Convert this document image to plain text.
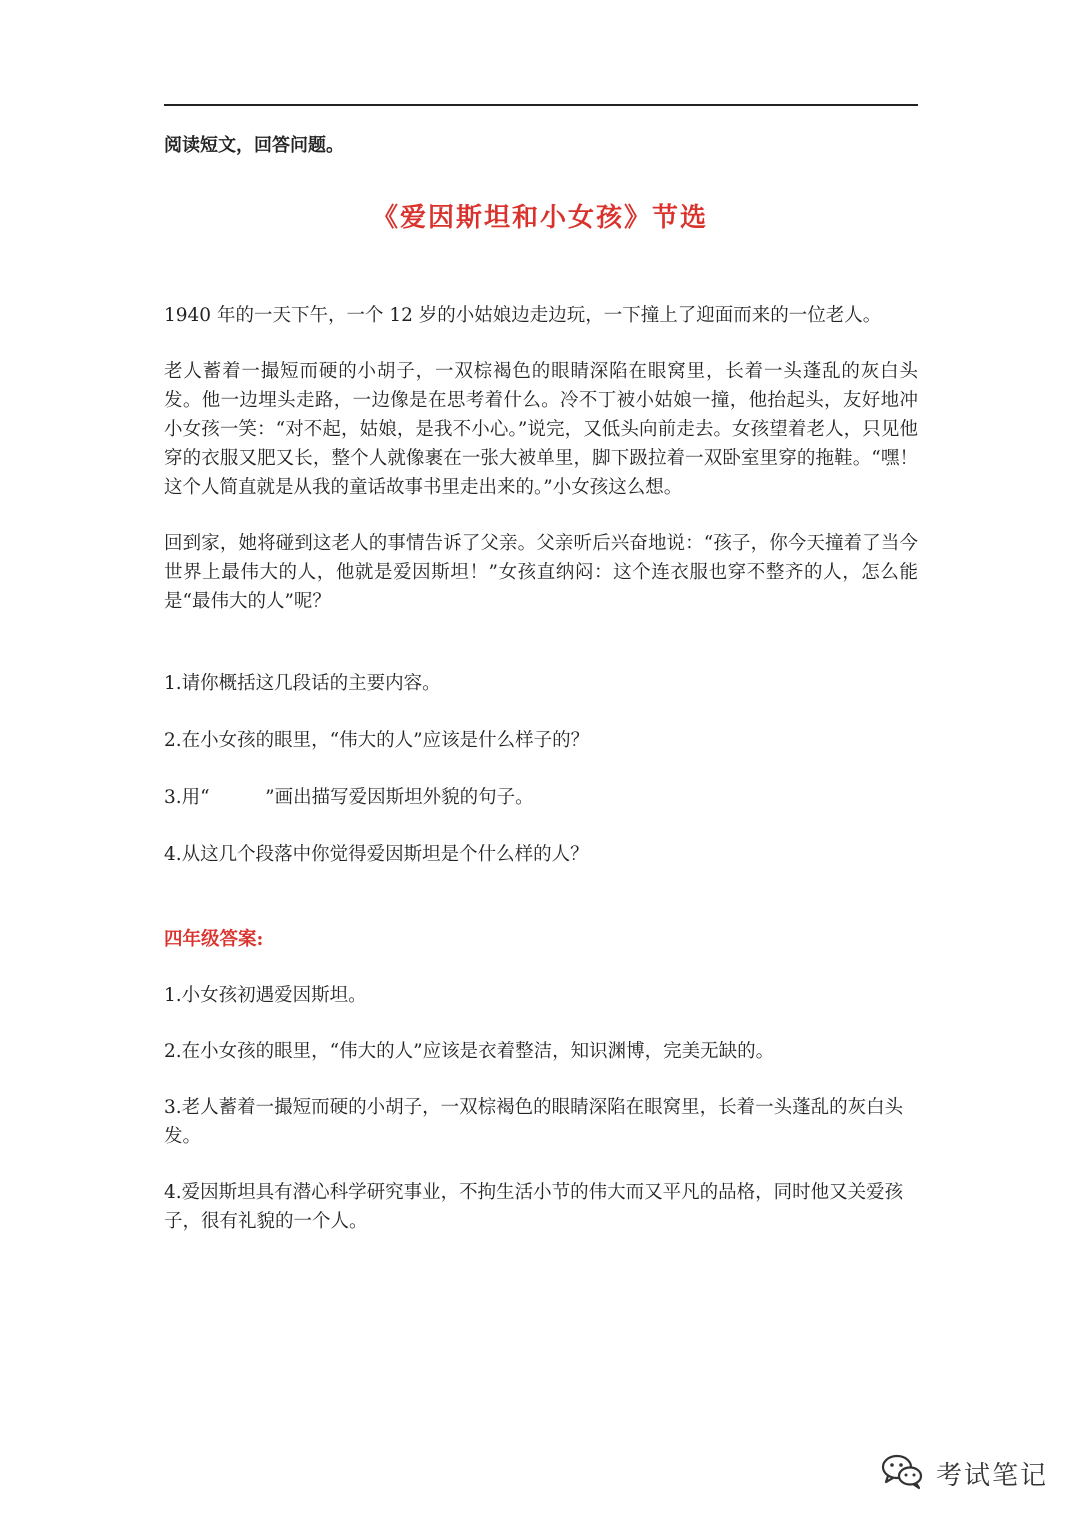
阅读短文，回答问题。
《爱因斯坦和小女孩》节选

1940 年的一天下午，一个 12 岁的小姑娘边走边玩，一下撞上了迎面而来的一位老人。

老人蓄着一撮短而硬的小胡子，一双棕褐色的眼睛深陷在眼窝里，长着一头蓬乱的灰白头发。他一边埋头走路，一边像是在思考着什么。冷不丁被小姑娘一撞，他抬起头，友好地冲小女孩一笑：“对不起，姑娘，是我不小心。”说完，又低头向前走去。女孩望着老人，只见他穿的衣服又肥又长，整个人就像裹在一张大被单里，脚下趿拉着一双卧室里穿的拖鞋。“嘿！这个人简直就是从我的童话故事书里走出来的。”小女孩这么想。

回到家，她将碰到这老人的事情告诉了父亲。父亲听后兴奋地说：“孩子，你今天撞着了当今世界上最伟大的人，他就是爱因斯坦！”女孩直纳闷：这个连衣服也穿不整齐的人，怎么能是“最伟大的人”呢？

1.请你概括这几段话的主要内容。

2.在小女孩的眼里，“伟大的人”应该是什么样子的？

3.用“　　　”画出描写爱因斯坦外貌的句子。

4.从这几个段落中你觉得爱因斯坦是个什么样的人？

四年级答案:

1.小女孩初遇爱因斯坦。

2.在小女孩的眼里，“伟大的人”应该是衣着整洁，知识渊博，完美无缺的。

3.老人蓄着一撮短而硬的小胡子，一双棕褐色的眼睛深陷在眼窝里，长着一头蓬乱的灰白头发。

4.爱因斯坦具有潜心科学研究事业，不拘生活小节的伟大而又平凡的品格，同时他又关爱孩子，很有礼貌的一个人。

考试笔记
